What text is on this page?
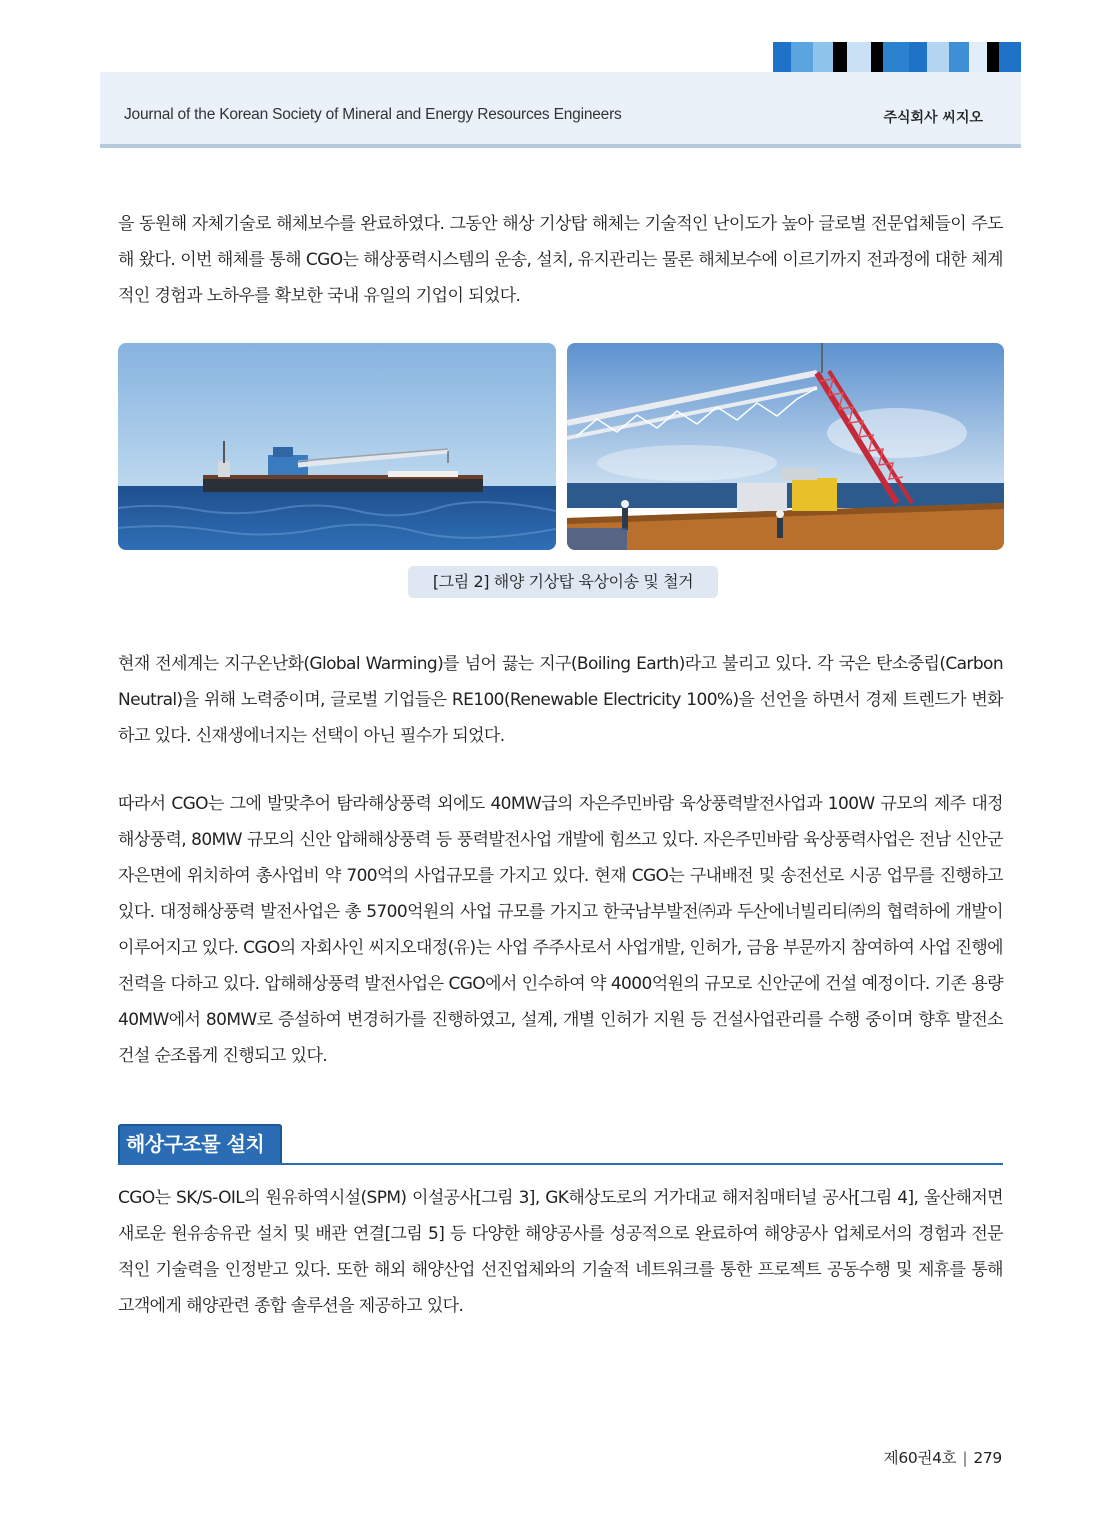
Journal of the Korean Society of Mineral and Energy Resources Engineers	주식회사 씨지오

을 동원해 자체기술로 해체보수를 완료하였다. 그동안 해상 기상탑 해체는 기술적인 난이도가 높아 글로벌 전문업체들이 주도해 왔다. 이번 해체를 통해 CGO는 해상풍력시스템의 운송, 설치, 유지관리는 물론 해체보수에 이르기까지 전과정에 대한 체계적인 경험과 노하우를 확보한 국내 유일의 기업이 되었다.

[그림 2] 해양 기상탑 육상이송 및 철거

현재 전세계는 지구온난화(Global Warming)를 넘어 끓는 지구(Boiling Earth)라고 불리고 있다. 각 국은 탄소중립(Carbon Neutral)을 위해 노력중이며, 글로벌 기업들은 RE100(Renewable Electricity 100%)을 선언을 하면서 경제 트렌드가 변화하고 있다. 신재생에너지는 선택이 아닌 필수가 되었다.

따라서 CGO는 그에 발맞추어 탐라해상풍력 외에도 40MW급의 자은주민바람 육상풍력발전사업과 100W 규모의 제주 대정해상풍력, 80MW 규모의 신안 압해해상풍력 등 풍력발전사업 개발에 힘쓰고 있다. 자은주민바람 육상풍력사업은 전남 신안군 자은면에 위치하여 총사업비 약 700억의 사업규모를 가지고 있다. 현재 CGO는 구내배전 및 송전선로 시공 업무를 진행하고 있다. 대정해상풍력 발전사업은 총 5700억원의 사업 규모를 가지고 한국남부발전㈜과 두산에너빌리티㈜의 협력하에 개발이 이루어지고 있다. CGO의 자회사인 씨지오대정(유)는 사업 주주사로서 사업개발, 인허가, 금융 부문까지 참여하여 사업 진행에 전력을 다하고 있다. 압해해상풍력 발전사업은 CGO에서 인수하여 약 4000억원의 규모로 신안군에 건설 예정이다. 기존 용량 40MW에서 80MW로 증설하여 변경허가를 진행하였고, 설계, 개별 인허가 지원 등 건설사업관리를 수행 중이며 향후 발전소 건설 순조롭게 진행되고 있다.

해상구조물 설치

CGO는 SK/S-OIL의 원유하역시설(SPM) 이설공사[그림 3], GK해상도로의 거가대교 해저침매터널 공사[그림 4], 울산해저면 새로운 원유송유관 설치 및 배관 연결[그림 5] 등 다양한 해양공사를 성공적으로 완료하여 해양공사 업체로서의 경험과 전문적인 기술력을 인정받고 있다. 또한 해외 해양산업 선진업체와의 기술적 네트워크를 통한 프로젝트 공동수행 및 제휴를 통해 고객에게 해양관련 종합 솔루션을 제공하고 있다.

제60권4호 | 279
